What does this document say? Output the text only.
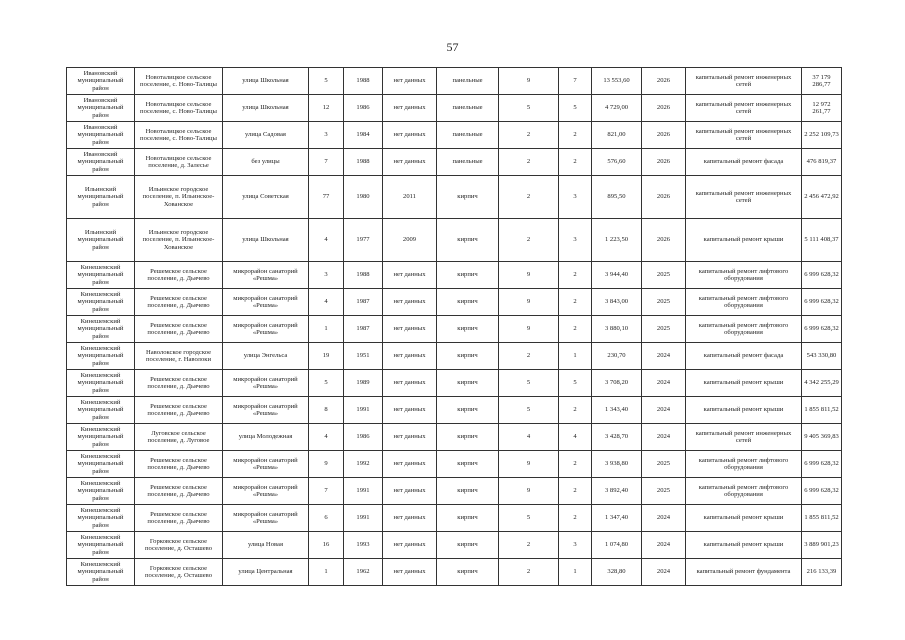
57
Ивановский муниципальный район	Новоталицкое сельское поселение, с. Ново-Талицы	улица Школьная	5	1988	нет данных	панельные	9	7	13 553,60	2026	капитальный ремонт инженерных сетей	37 179 286,77
Ивановский муниципальный район	Новоталицкое сельское поселение, с. Ново-Талицы	улица Школьная	12	1986	нет данных	панельные	5	5	4 729,00	2026	капитальный ремонт инженерных сетей	12 972 261,77
Ивановский муниципальный район	Новоталицкое сельское поселение, с. Ново-Талицы	улица Садовая	3	1984	нет данных	панельные	2	2	821,00	2026	капитальный ремонт инженерных сетей	2 252 109,73
Ивановский муниципальный район	Новоталицкое сельское поселение, д. Залесье	без улицы	7	1988	нет данных	панельные	2	2	576,60	2026	капитальный ремонт фасада	476 819,37
Ильинский муниципальный район	Ильинское городское поселение, п. Ильинское-Хованское	улица Советская	77	1980	2011	кирпич	2	3	895,50	2026	капитальный ремонт инженерных сетей	2 456 472,92
Ильинский муниципальный район	Ильинское городское поселение, п. Ильинское-Хованское	улица Школьная	4	1977	2009	кирпич	2	3	1 223,50	2026	капитальный ремонт крыши	5 111 408,37
Кинешемский муниципальный район	Решемское сельское поселение, д. Дьячево	микрорайон санаторий «Решма»	3	1988	нет данных	кирпич	9	2	3 944,40	2025	капитальный ремонт лифтового оборудования	6 999 628,32
Кинешемский муниципальный район	Решемское сельское поселение, д. Дьячево	микрорайон санаторий «Решма»	4	1987	нет данных	кирпич	9	2	3 843,00	2025	капитальный ремонт лифтового оборудования	6 999 628,32
Кинешемский муниципальный район	Решемское сельское поселение, д. Дьячево	микрорайон санаторий «Решма»	1	1987	нет данных	кирпич	9	2	3 880,10	2025	капитальный ремонт лифтового оборудования	6 999 628,32
Кинешемский муниципальный район	Наволокское городское поселение, г. Наволоки	улица Энгельса	19	1951	нет данных	кирпич	2	1	230,70	2024	капитальный ремонт фасада	543 330,80
Кинешемский муниципальный район	Решемское сельское поселение, д. Дьячево	микрорайон санаторий «Решма»	5	1989	нет данных	кирпич	5	5	3 708,20	2024	капитальный ремонт крыши	4 342 255,29
Кинешемский муниципальный район	Решемское сельское поселение, д. Дьячево	микрорайон санаторий «Решма»	8	1991	нет данных	кирпич	5	2	1 343,40	2024	капитальный ремонт крыши	1 855 811,52
Кинешемский муниципальный район	Луговское сельское поселение, д. Луговое	улица Молодежная	4	1986	нет данных	кирпич	4	4	3 428,70	2024	капитальный ремонт инженерных сетей	9 405 369,83
Кинешемский муниципальный район	Решемское сельское поселение, д. Дьячево	микрорайон санаторий «Решма»	9	1992	нет данных	кирпич	9	2	3 938,80	2025	капитальный ремонт лифтового оборудования	6 999 628,32
Кинешемский муниципальный район	Решемское сельское поселение, д. Дьячево	микрорайон санаторий «Решма»	7	1991	нет данных	кирпич	9	2	3 892,40	2025	капитальный ремонт лифтового оборудования	6 999 628,32
Кинешемский муниципальный район	Решемское сельское поселение, д. Дьячево	микрорайон санаторий «Решма»	6	1991	нет данных	кирпич	5	2	1 347,40	2024	капитальный ремонт крыши	1 855 811,52
Кинешемский муниципальный район	Горковское сельское поселение, д. Осташево	улица Новая	16	1993	нет данных	кирпич	2	3	1 074,80	2024	капитальный ремонт крыши	3 889 901,23
Кинешемский муниципальный район	Горковское сельское поселение, д. Осташево	улица Центральная	1	1962	нет данных	кирпич	2	1	328,80	2024	капитальный ремонт фундамента	216 133,39
